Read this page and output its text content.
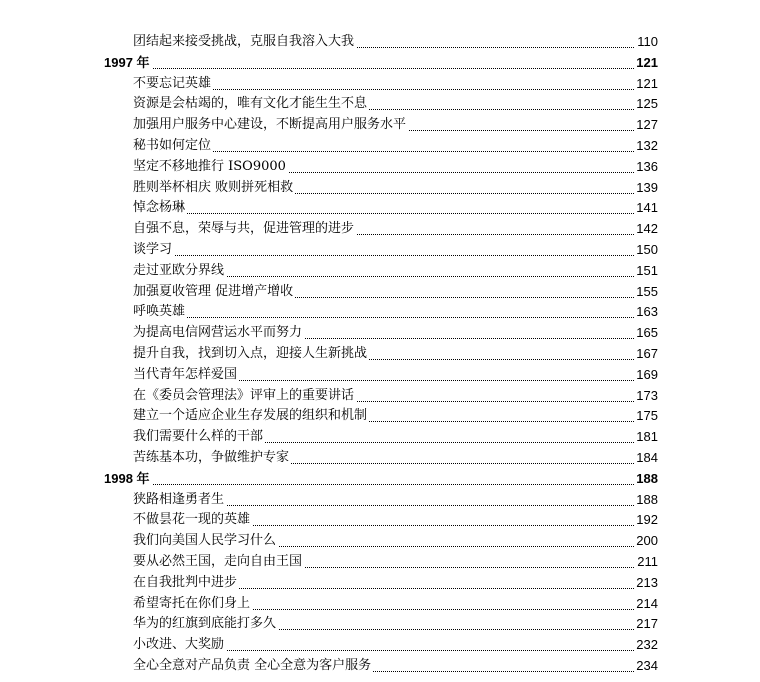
团结起来接受挑战，克服自我溶入大我	110
1997 年	121
不要忘记英雄	121
资源是会枯竭的，唯有文化才能生生不息	125
加强用户服务中心建设，不断提高用户服务水平	127
秘书如何定位	132
坚定不移地推行 ISO9000	136
胜则举杯相庆 败则拼死相救	139
悼念杨琳	141
自强不息，荣辱与共，促进管理的进步	142
谈学习	150
走过亚欧分界线	151
加强夏收管理 促进增产增收	155
呼唤英雄	163
为提高电信网营运水平而努力	165
提升自我，找到切入点，迎接人生新挑战	167
当代青年怎样爱国	169
在《委员会管理法》评审上的重要讲话	173
建立一个适应企业生存发展的组织和机制	175
我们需要什么样的干部	181
苦练基本功，争做维护专家	184
1998 年	188
狭路相逢勇者生	188
不做昙花一现的英雄	192
我们向美国人民学习什么	200
要从必然王国，走向自由王国	211
在自我批判中进步	213
希望寄托在你们身上	214
华为的红旗到底能打多久	217
小改进、大奖励	232
全心全意对产品负责 全心全意为客户服务	234
